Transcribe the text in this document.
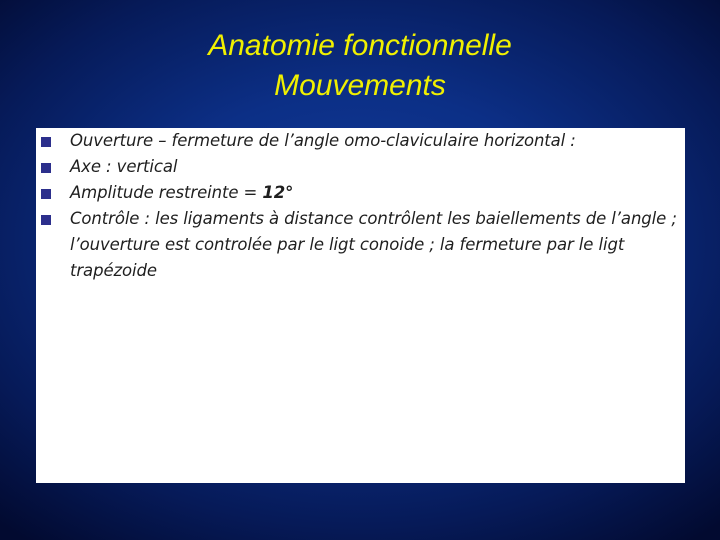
Anatomie fonctionnelle
Mouvements
Ouverture – fermeture de l’angle omo-claviculaire horizontal :
Axe : vertical
Amplitude restreinte = 12°
Contrôle : les ligaments à distance contrôlent les baiellements de l’angle ; l’ouverture est controlée par le ligt conoide ; la fermeture par le ligt trapézoide
